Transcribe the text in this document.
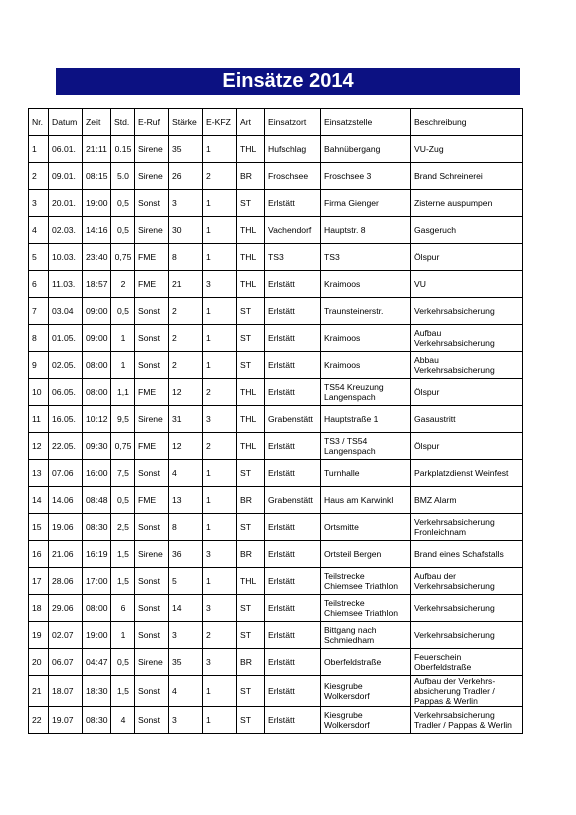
Einsätze 2014
Nr.	Datum	Zeit	Std.	E-Ruf	Stärke	E-KFZ	Art	Einsatzort	Einsatzstelle	Beschreibung
1	06.01.	21:11	0.15	Sirene	35	1	THL	Hufschlag	Bahnübergang	VU-Zug
2	09.01.	08:15	5.0	Sirene	26	2	BR	Froschsee	Froschsee 3	Brand Schreinerei
3	20.01.	19:00	0,5	Sonst	3	1	ST	Erlstätt	Firma Gienger	Zisterne auspumpen
4	02.03.	14:16	0,5	Sirene	30	1	THL	Vachendorf	Hauptstr. 8	Gasgeruch
5	10.03.	23:40	0,75	FME	8	1	THL	TS3	TS3	Ölspur
6	11.03.	18:57	2	FME	21	3	THL	Erlstätt	Kraimoos	VU
7	03.04	09:00	0,5	Sonst	2	1	ST	Erlstätt	Traunsteinerstr.	Verkehrsabsicherung
8	01.05.	09:00	1	Sonst	2	1	ST	Erlstätt	Kraimoos	Aufbau
Verkehrsabsicherung
9	02.05.	08:00	1	Sonst	2	1	ST	Erlstätt	Kraimoos	Abbau
Verkehrsabsicherung
10	06.05.	08:00	1,1	FME	12	2	THL	Erlstätt	TS54 Kreuzung
Langenspach	Ölspur
11	16.05.	10:12	9,5	Sirene	31	3	THL	Grabenstätt	Hauptstraße 1	Gasaustritt
12	22.05.	09:30	0,75	FME	12	2	THL	Erlstätt	TS3 / TS54
Langenspach	Ölspur
13	07.06	16:00	7,5	Sonst	4	1	ST	Erlstätt	Turnhalle	Parkplatzdienst Weinfest
14	14.06	08:48	0,5	FME	13	1	BR	Grabenstätt	Haus am Karwinkl	BMZ Alarm
15	19.06	08:30	2,5	Sonst	8	1	ST	Erlstätt	Ortsmitte	Verkehrsabsicherung
Fronleichnam
16	21.06	16:19	1,5	Sirene	36	3	BR	Erlstätt	Ortsteil Bergen	Brand eines Schafstalls
17	28.06	17:00	1,5	Sonst	5	1	THL	Erlstätt	Teilstrecke
Chiemsee Triathlon	Aufbau der
Verkehrsabsicherung
18	29.06	08:00	6	Sonst	14	3	ST	Erlstätt	Teilstrecke
Chiemsee Triathlon	Verkehrsabsicherung
19	02.07	19:00	1	Sonst	3	2	ST	Erlstätt	Bittgang nach
Schmiedham	Verkehrsabsicherung
20	06.07	04:47	0,5	Sirene	35	3	BR	Erlstätt	Oberfeldstraße	Feuerschein
Oberfeldstraße
21	18.07	18:30	1,5	Sonst	4	1	ST	Erlstätt	Kiesgrube
Wolkersdorf	Aufbau der Verkehrs-
absicherung Tradler /
Pappas & Werlin
22	19.07	08:30	4	Sonst	3	1	ST	Erlstätt	Kiesgrube
Wolkersdorf	Verkehrsabsicherung
Tradler / Pappas & Werlin
